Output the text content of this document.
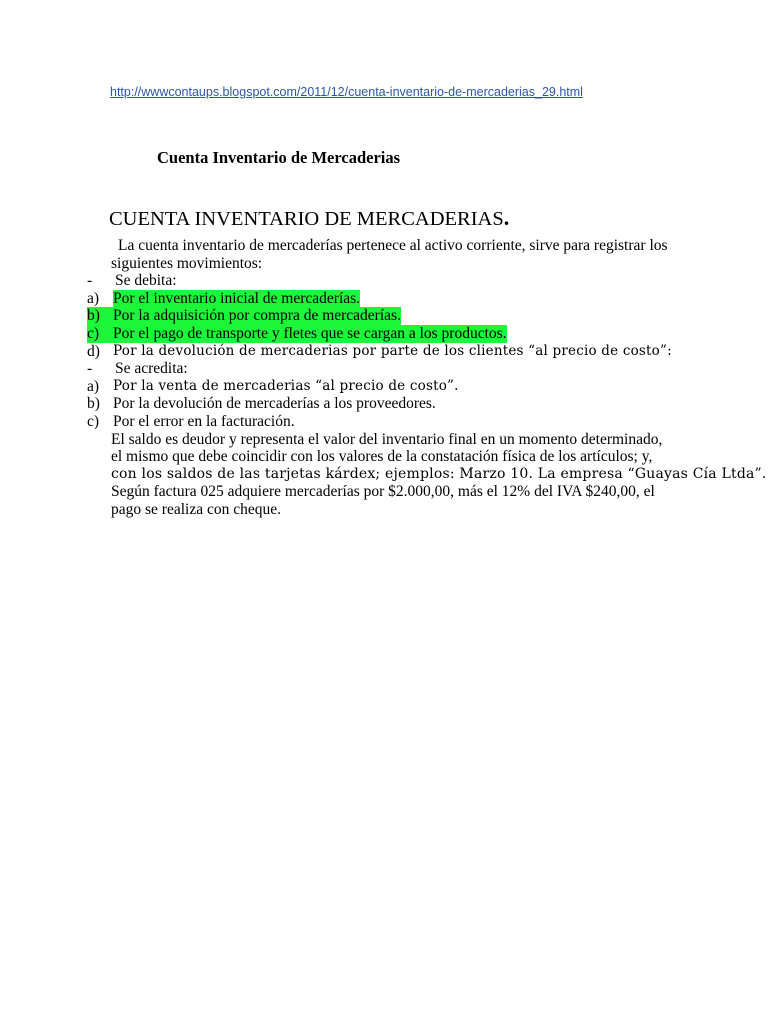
http://wwwcontaups.blogspot.com/2011/12/cuenta-inventario-de-mercaderias_29.html
Cuenta Inventario de Mercaderias
CUENTA INVENTARIO DE MERCADERIAS.
La cuenta inventario de mercaderías pertenece al activo corriente, sirve para registrar los
siguientes movimientos:
- Se debita:
a) Por el inventario inicial de mercaderías.
b) Por la adquisición por compra de mercaderías.
c) Por el pago de transporte y fletes que se cargan a los productos.
d) Por la devolución de mercaderias por parte de los clientes “al precio de costo”:
- Se acredita:
a) Por la venta de mercaderias “al precio de costo”.
b) Por la devolución de mercaderías a los proveedores.
c) Por el error en la facturación.
El saldo es deudor y representa el valor del inventario final en un momento determinado,
el mismo que debe coincidir con los valores de la constatación física de los artículos; y,
con los saldos de las tarjetas kárdex; ejemplos: Marzo 10. La empresa “Guayas Cía Ltda”.
Según factura 025 adquiere mercaderías por $2.000,00, más el 12% del IVA $240,00, el
pago se realiza con cheque.
